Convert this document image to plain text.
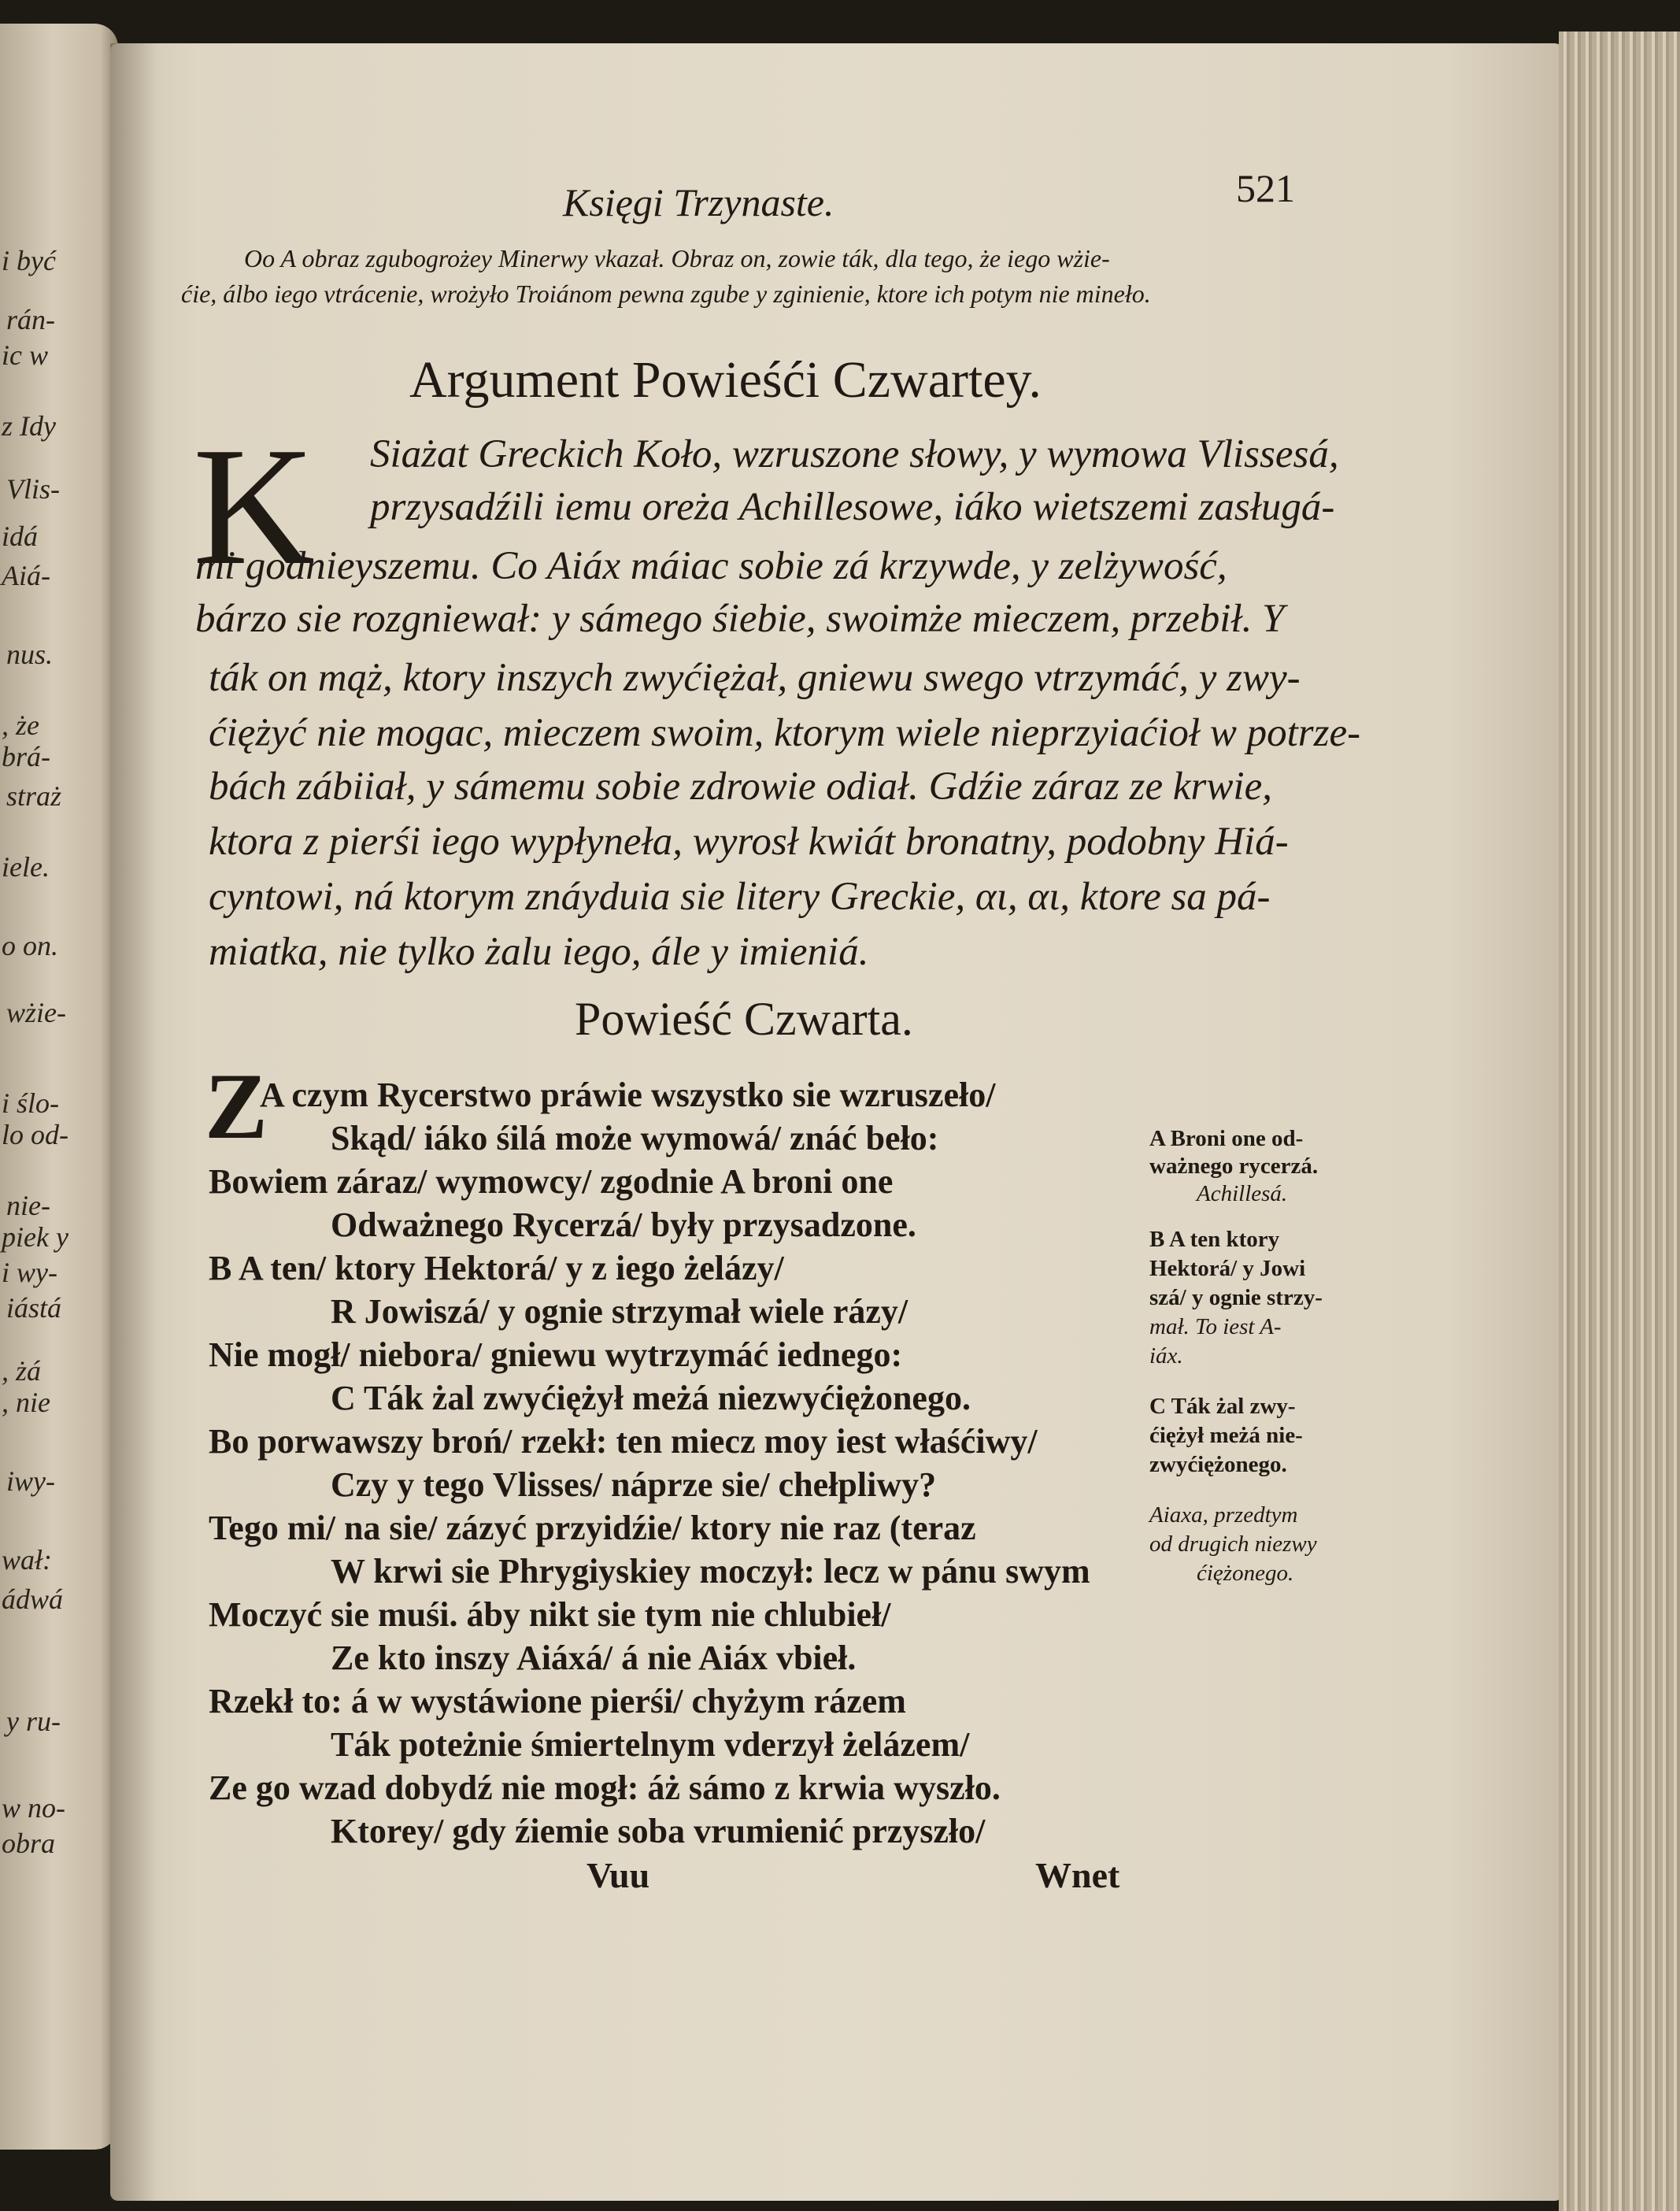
i być
rán-
ic w
z Idy
Vlis-
idá
Aiá-
nus.
, że
brá-
straż
iele.
o on.
wżie-
i ślo-
lo od-
nie-
piek y
i wy-
iástá
, żá
, nie
iwy-
wał:
ádwá
y ru-
w no-
obra
Księgi Trzynaste.	521
Oo A obraz zgubogrożey Minerwy vkazał. Obraz on, zowie ták, dla tego, że iego wżie-
ćie, álbo iego vtrácenie, wrożyło Troiánom pewna zgube y zginienie, ktore ich potym nie mineło.
Argument Powieśći Czwartey.
K Siażat Greckich Koło, wzruszone słowy, y wymowa Vlissesá,
przysadźili iemu oreża Achillesowe, iáko wietszemi zasługá-
mi godnieyszemu. Co Aiáx máiac sobie zá krzywde, y zelżywość,
bárzo sie rozgniewał: y sámego śiebie, swoimże mieczem, przebił. Y
ták on mąż, ktory inszych zwyćiężał, gniewu swego vtrzymáć, y zwy-
ćiężyć nie mogac, mieczem swoim, ktorym wiele nieprzyiaćioł w potrze-
bách zábiiał, y sámemu sobie zdrowie odiał. Gdźie záraz ze krwie,
ktora z pierśi iego wypłyneła, wyrosł kwiát bronatny, podobny Hiá-
cyntowi, ná ktorym znáyduia sie litery Greckie, αι, αι, ktore sa pá-
miatka, nie tylko żalu iego, ále y imieniá.
Powieść Czwarta.
Z
A czym Rycerstwo práwie wszystko sie wzruszeło/
Skąd/ iáko śilá może wymowá/ znáć beło:
Bowiem záraz/ wymowcy/ zgodnie A broni one
Odważnego Rycerzá/ były przysadzone.
B A ten/ ktory Hektorá/ y z iego żelázy/
R Jowiszá/ y ognie strzymał wiele rázy/
Nie mogł/ niebora/ gniewu wytrzymáć iednego:
C Ták żal zwyćiężył meżá niezwyćiężonego.
Bo porwawszy broń/ rzekł: ten miecz moy iest właśćiwy/
Czy y tego Vlisses/ náprze sie/ chełpliwy?
Tego mi/ na sie/ zázyć przyidźie/ ktory nie raz (teraz
W krwi sie Phrygiyskiey moczył: lecz w pánu swym
Moczyć sie muśi. áby nikt sie tym nie chlubieł/
Ze kto inszy Aiáxá/ á nie Aiáx vbieł.
Rzekł to: á w wystáwione pierśi/ chyżym rázem
Ták poteżnie śmiertelnym vderzył żelázem/
Ze go wzad dobydź nie mogł: áż sámo z krwia wyszło.
Ktorey/ gdy źiemie soba vrumienić przyszło/
A Broni one od-
ważnego rycerzá.
Achillesá.
B A ten ktory
Hektorá/ y Jowi
szá/ y ognie strzy-
mał. To iest A-
iáx.
C Ták żal zwy-
ćiężył meżá nie-
zwyćiężonego.
Aiaxa, przedtym
od drugich niezwy
ćiężonego.
Vuu	Wnet
